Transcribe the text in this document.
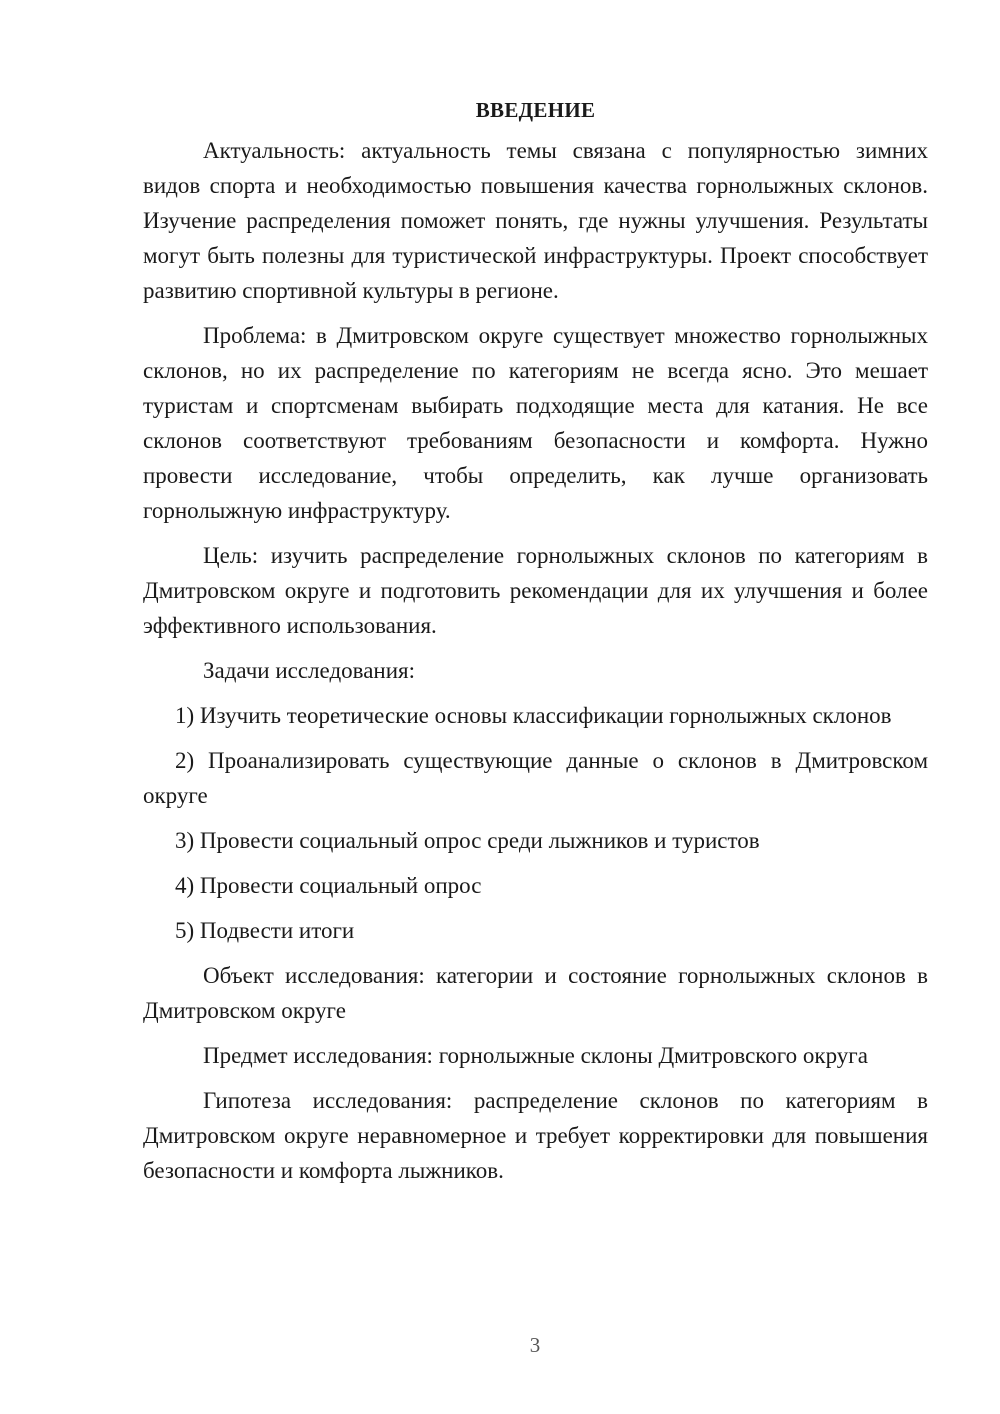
ВВЕДЕНИЕ

Актуальность: актуальность темы связана с популярностью зимних видов спорта и необходимостью повышения качества горнолыжных склонов. Изучение распределения поможет понять, где нужны улучшения. Результаты могут быть полезны для туристической инфраструктуры. Проект способствует развитию спортивной культуры в регионе.

Проблема: в Дмитровском округе существует множество горнолыжных склонов, но их распределение по категориям не всегда ясно. Это мешает туристам и спортсменам выбирать подходящие места для катания. Не все склонов соответствуют требованиям безопасности и комфорта. Нужно провести исследование, чтобы определить, как лучше организовать горнолыжную инфраструктуру.

Цель: изучить распределение горнолыжных склонов по категориям в Дмитровском округе и подготовить рекомендации для их улучшения и более эффективного использования.

Задачи исследования:

1) Изучить теоретические основы классификации горнолыжных склонов

2) Проанализировать существующие данные о склонов в Дмитровском округе

3) Провести социальный опрос среди лыжников и туристов

4) Провести социальный опрос

5) Подвести итоги

Объект исследования: категории и состояние горнолыжных склонов в Дмитровском округе

Предмет исследования: горнолыжные склоны Дмитровского округа

Гипотеза исследования: распределение склонов по категориям в Дмитровском округе неравномерное и требует корректировки для повышения безопасности и комфорта лыжников.

3
